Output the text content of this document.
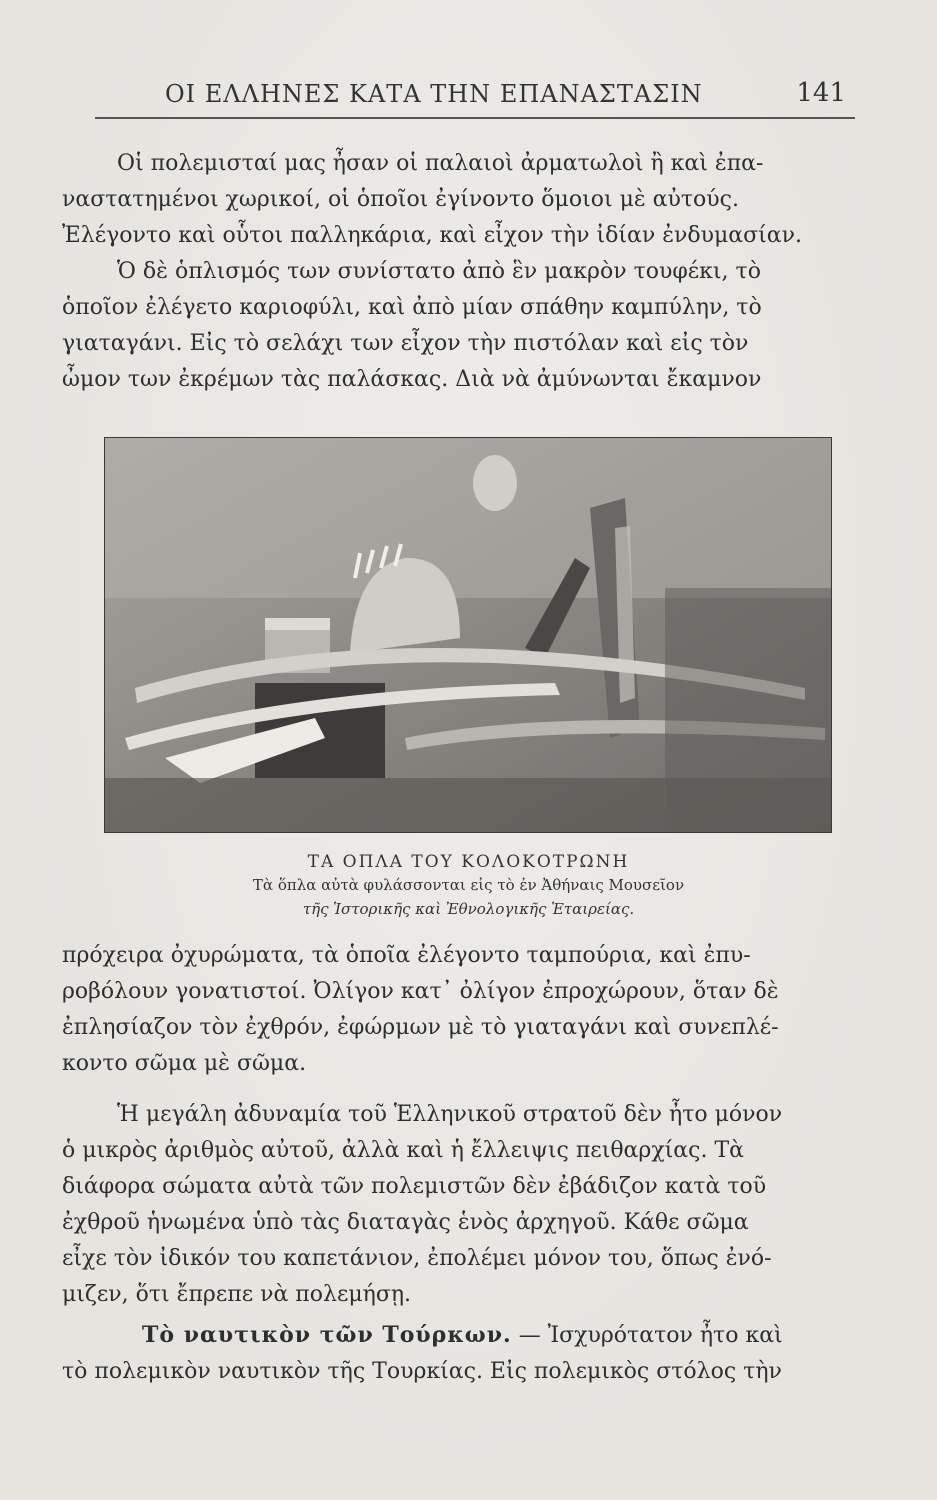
ΟΙ ΕΛΛΗΝΕΣ ΚΑΤΑ ΤΗΝ ΕΠΑΝΑΣΤΑΣΙΝ	141
Οἱ πολεμισταί μας ἦσαν οἱ παλαιοὶ ἀρματωλοὶ ἢ καὶ ἐπα-
ναστατημένοι χωρικοί, οἱ ὁποῖοι ἐγίνοντο ὅμοιοι μὲ αὐτούς.
Ἐλέγοντο καὶ οὗτοι παλληκάρια, καὶ εἶχον τὴν ἰδίαν ἐνδυμασίαν.
Ὁ δὲ ὁπλισμός των συνίστατο ἀπὸ ἓν μακρὸν τουφέκι, τὸ
ὁποῖον ἐλέγετο καριοφύλι, καὶ ἀπὸ μίαν σπάθην καμπύλην, τὸ
γιαταγάνι. Εἰς τὸ σελάχι των εἶχον τὴν πιστόλαν καὶ εἰς τὸν
ὦμον των ἐκρέμων τὰς παλάσκας. Διὰ νὰ ἀμύνωνται ἔκαμνον
ΤΑ ΟΠΛΑ ΤΟΥ ΚΟΛΟΚΟΤΡΩΝΗ
Τὰ ὅπλα αὐτὰ φυλάσσονται εἰς τὸ ἐν Ἀθήναις Μουσεῖον
τῆς Ἱστορικῆς καὶ Ἐθνολογικῆς Ἑταιρείας.
πρόχειρα ὀχυρώματα, τὰ ὁποῖα ἐλέγοντο ταμπούρια, καὶ ἐπυ-
ροβόλουν γονατιστοί. Ὀλίγον κατ᾽ ὀλίγον ἐπροχώρουν, ὅταν δὲ
ἐπλησίαζον τὸν ἐχθρόν, ἐφώρμων μὲ τὸ γιαταγάνι καὶ συνεπλέ-
κοντο σῶμα μὲ σῶμα.
Ἡ μεγάλη ἀδυναμία τοῦ Ἑλληνικοῦ στρατοῦ δὲν ἦτο μόνον
ὁ μικρὸς ἀριθμὸς αὐτοῦ, ἀλλὰ καὶ ἡ ἔλλειψις πειθαρχίας. Τὰ
διάφορα σώματα αὐτὰ τῶν πολεμιστῶν δὲν ἐβάδιζον κατὰ τοῦ
ἐχθροῦ ἡνωμένα ὑπὸ τὰς διαταγὰς ἑνὸς ἀρχηγοῦ. Κάθε σῶμα
εἶχε τὸν ἰδικόν του καπετάνιον, ἐπολέμει μόνον του, ὅπως ἐνό-
μιζεν, ὅτι ἔπρεπε νὰ πολεμήσῃ.
Τὸ ναυτικὸν τῶν Τούρκων. — Ἰσχυρότατον ἦτο καὶ
τὸ πολεμικὸν ναυτικὸν τῆς Τουρκίας. Εἰς πολεμικὸς στόλος τὴν
